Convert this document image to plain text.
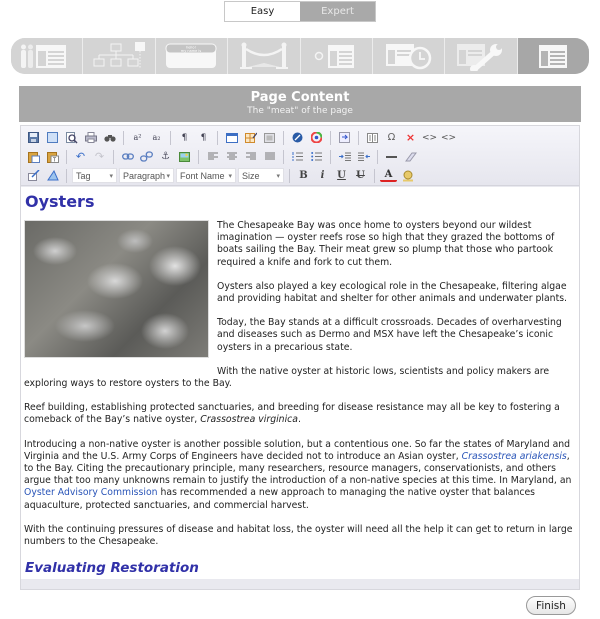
Easy	Expert
hello!
my name is
Page Content
The "meat" of the page
a²	a₂	¶	¶	Ω × <> <>
T	↶ ↷	⚓
Tag	▾ Paragraph ▾ Font Name ▾ Size ▾	B	i	U	U	A
Oysters

The Chesapeake Bay was once home to oysters beyond our wildest imagination — oyster reefs rose so high that they grazed the bottoms of boats sailing the Bay. Their meat grew so plump that those who partook required a knife and fork to cut them.

Oysters also played a key ecological role in the Chesapeake, filtering algae and providing habitat and shelter for other animals and underwater plants.

Today, the Bay stands at a difficult crossroads. Decades of overharvesting and diseases such as Dermo and MSX have left the Chesapeake’s iconic oysters in a precarious state.

With the native oyster at historic lows, scientists and policy makers are exploring ways to restore oysters to the Bay.

Reef building, establishing protected sanctuaries, and breeding for disease resistance may all be key to fostering a comeback of the Bay’s native oyster, Crassostrea virginica.

Introducing a non-native oyster is another possible solution, but a contentious one. So far the states of Maryland and Virginia and the U.S. Army Corps of Engineers have decided not to introduce an Asian oyster, Crassostrea ariakensis, to the Bay. Citing the precautionary principle, many researchers, resource managers, conservationists, and others argue that too many unknowns remain to justify the introduction of a non-native species at this time. In Maryland, an Oyster Advisory Commission has recommended a new approach to managing the native oyster that balances aquaculture, protected sanctuaries, and commercial harvest.

With the continuing pressures of disease and habitat loss, the oyster will need all the help it can get to return in large numbers to the Chesapeake.

Evaluating Restoration

Finish
